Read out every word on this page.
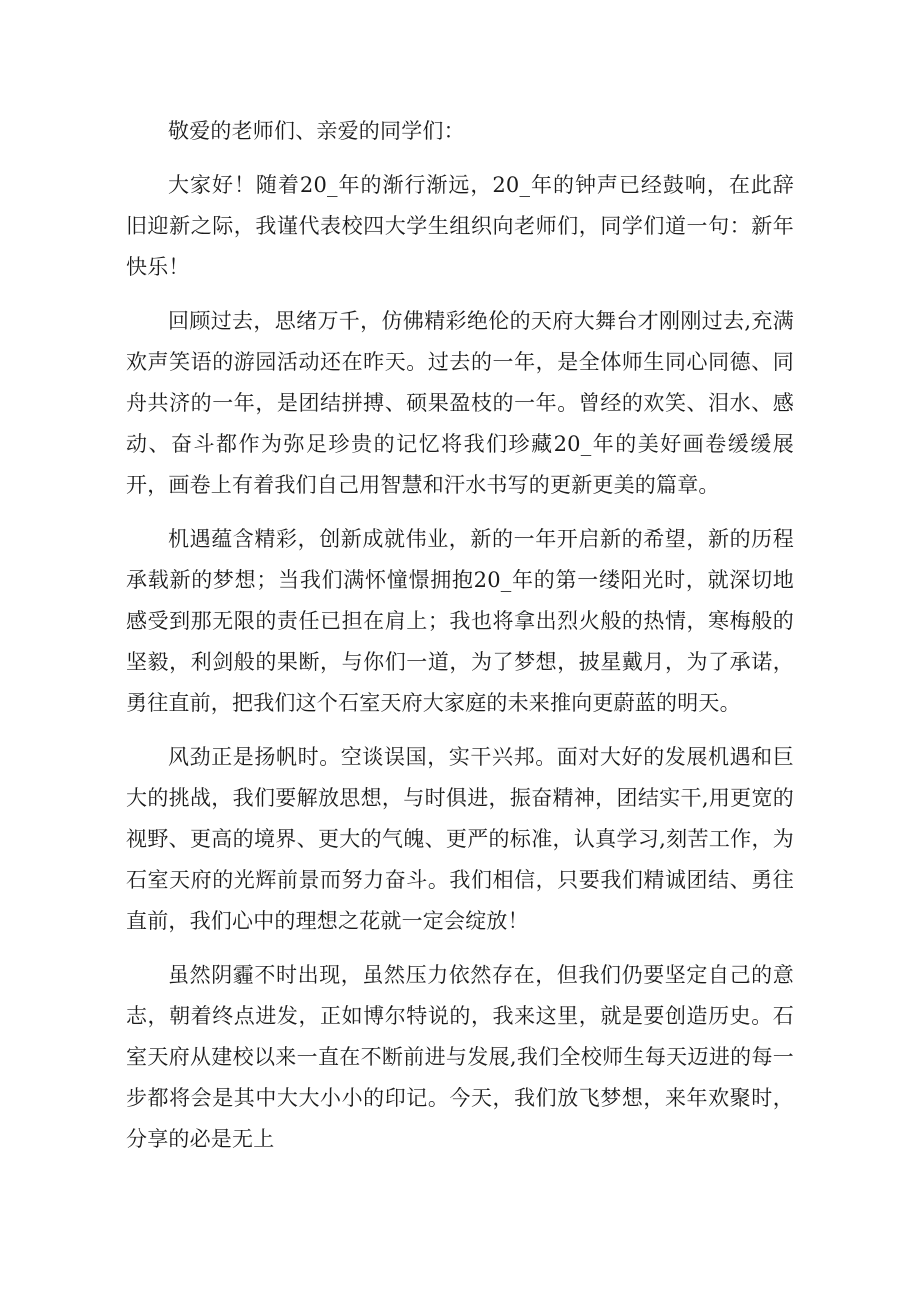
敬爱的老师们、亲爱的同学们：

大家好！随着20_年的渐行渐远，20_年的钟声已经鼓响，在此辞旧迎新之际，我谨代表校四大学生组织向老师们，同学们道一句：新年快乐！

回顾过去，思绪万千，仿佛精彩绝伦的天府大舞台才刚刚过去,充满欢声笑语的游园活动还在昨天。过去的一年，是全体师生同心同德、同舟共济的一年，是团结拼搏、硕果盈枝的一年。曾经的欢笑、泪水、感动、奋斗都作为弥足珍贵的记忆将我们珍藏20_年的美好画卷缓缓展开，画卷上有着我们自己用智慧和汗水书写的更新更美的篇章。

机遇蕴含精彩，创新成就伟业，新的一年开启新的希望，新的历程承载新的梦想；当我们满怀憧憬拥抱20_年的第一缕阳光时，就深切地感受到那无限的责任已担在肩上；我也将拿出烈火般的热情，寒梅般的坚毅，利剑般的果断，与你们一道，为了梦想，披星戴月，为了承诺，勇往直前，把我们这个石室天府大家庭的未来推向更蔚蓝的明天。

风劲正是扬帆时。空谈误国，实干兴邦。面对大好的发展机遇和巨大的挑战，我们要解放思想，与时俱进，振奋精神，团结实干,用更宽的视野、更高的境界、更大的气魄、更严的标准，认真学习,刻苦工作，为石室天府的光辉前景而努力奋斗。我们相信，只要我们精诚团结、勇往直前，我们心中的理想之花就一定会绽放！

虽然阴霾不时出现，虽然压力依然存在，但我们仍要坚定自己的意志，朝着终点进发，正如博尔特说的，我来这里，就是要创造历史。石室天府从建校以来一直在不断前进与发展,我们全校师生每天迈进的每一步都将会是其中大大小小的印记。今天，我们放飞梦想，来年欢聚时，分享的必是无上
